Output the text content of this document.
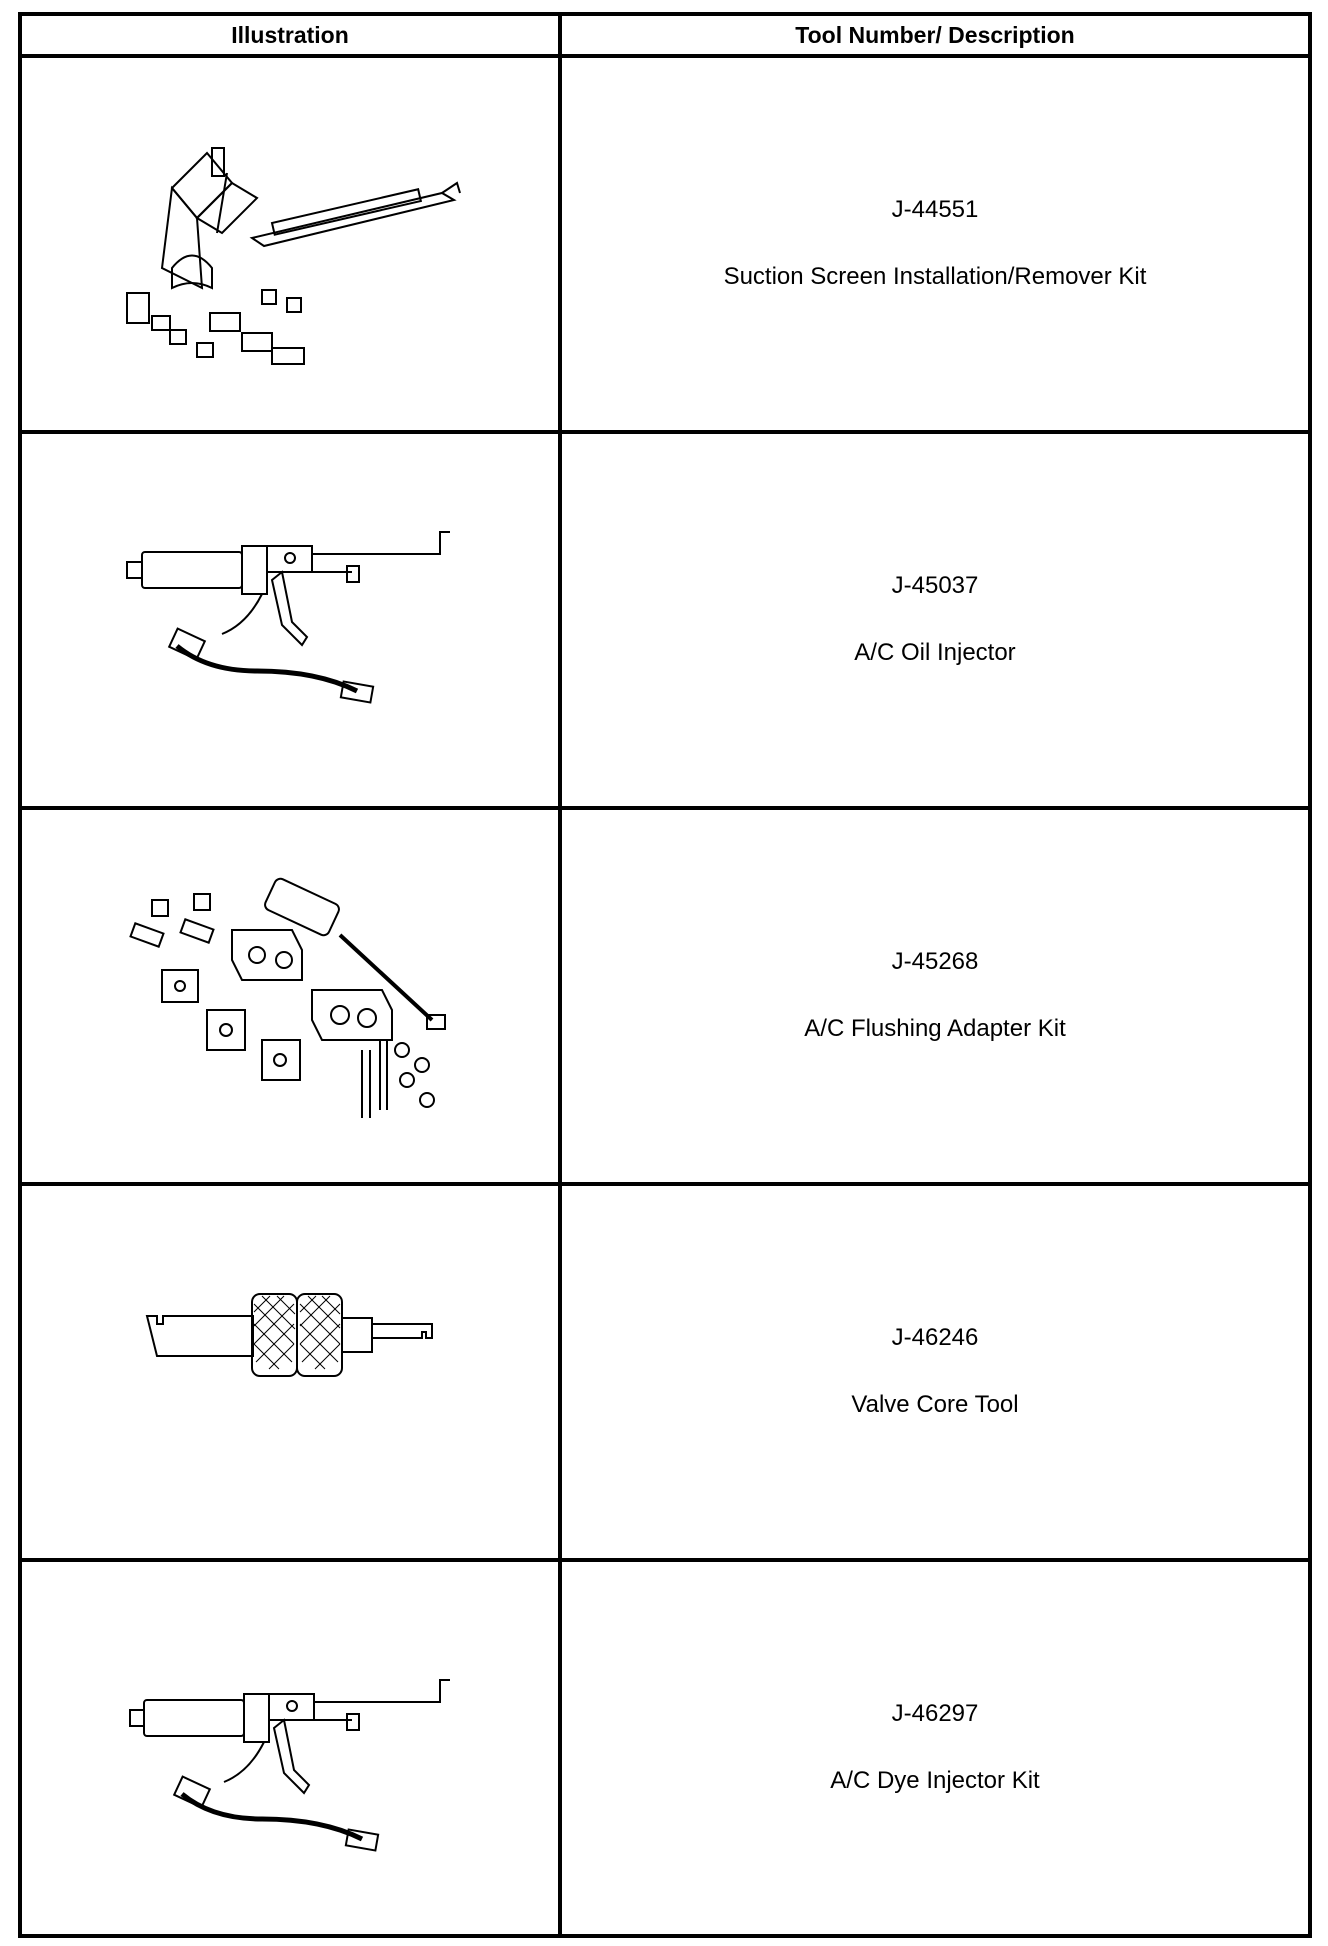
Illustration	Tool Number/ Description
J-44551
Suction Screen Installation/Remover Kit
J-45037
A/C Oil Injector
J-45268
A/C Flushing Adapter Kit
J-46246
Valve Core Tool
J-46297
A/C Dye Injector Kit
